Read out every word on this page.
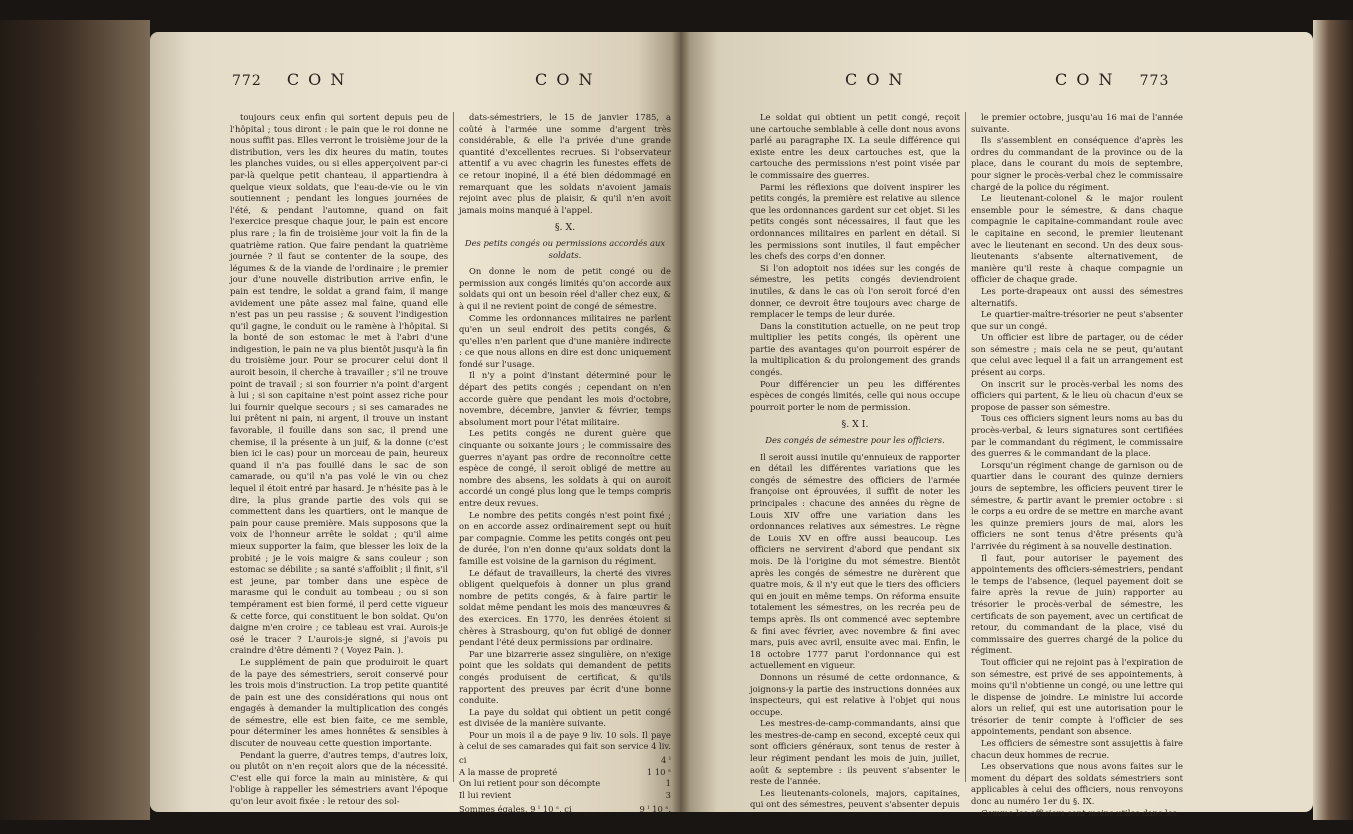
772 C O N	C O N

toujours ceux enfin qui sortent depuis peu de l'hôpital ; tous diront : le pain que le roi donne ne nous suffit pas. Elles verront le troisième jour de la distribution, vers les dix heures du matin, toutes les planches vuides, ou si elles apperçoivent par-ci par-là quelque petit chanteau, il appartiendra à quelque vieux soldats, que l'eau-de-vie ou le vin soutiennent ; pendant les longues journées de l'été, & pendant l'automne, quand on fait l'exercice presque chaque jour, le pain est encore plus rare ; la fin de troisième jour voit la fin de la quatrième ration. Que faire pendant la quatrième journée ? il faut se contenter de la soupe, des légumes & de la viande de l'ordinaire ; le premier jour d'une nouvelle distribution arrive enfin, le pain est tendre, le soldat a grand faim, il mange avidement une pâte assez mal faine, quand elle n'est pas un peu rassise ; & souvent l'indigestion qu'il gagne, le conduit ou le ramène à l'hôpital. Si la bonté de son estomac le met à l'abri d'une indigestion, le pain ne va plus bientôt jusqu'à la fin du troisième jour. Pour se procurer celui dont il auroit besoin, il cherche à travailler ; s'il ne trouve point de travail ; si son fourrier n'a point d'argent à lui ; si son capitaine n'est point assez riche pour lui fournir quelque secours ; si ses camarades ne lui prêtent ni pain, ni argent, il trouve un instant favorable, il fouille dans son sac, il prend une chemise, il la présente à un juif, & la donne (c'est bien ici le cas) pour un morceau de pain, heureux quand il n'a pas fouillé dans le sac de son camarade, ou qu'il n'a pas volé le vin ou chez lequel il étoit entré par hasard. Je n'hésite pas à le dire, la plus grande partie des vols qui se commettent dans les quartiers, ont le manque de pain pour cause première. Mais supposons que la voix de l'honneur arrête le soldat ; qu'il aime mieux supporter la faim, que blesser les loix de la probité ; je le vois maigre & sans couleur ; son estomac se débilite ; sa santé s'affoiblit ; il finit, s'il est jeune, par tomber dans une espèce de marasme qui le conduit au tombeau ; ou si son tempérament est bien formé, il perd cette vigueur & cette force, qui constituent le bon soldat. Qu'on daigne m'en croire ; ce tableau est vrai. Aurois-je osé le tracer ? L'aurois-je signé, si j'avois pu craindre d'être démenti ? ( Voyez Pain. ).

Le supplément de pain que produiroit le quart de la paye des sémestriers, seroit conservé pour les trois mois d'instruction. La trop petite quantité de pain est une des considérations qui nous ont engagés à demander la multiplication des congés de sémestre, elle est bien faite, ce me semble, pour déterminer les ames honnêtes & sensibles à discuter de nouveau cette question importante.

Pendant la guerre, d'autres temps, d'autres loix, ou plutôt on n'en reçoit alors que de la nécessité. C'est elle qui force la main au ministère, & qui l'oblige à rappeller les sémestriers avant l'époque qu'on leur avoit fixée : le retour des sol-

dats-sémestriers, le 15 de janvier 1785, a coûté à l'armée une somme d'argent très considérable, & elle l'a privée d'une grande quantité d'excellentes recrues. Si l'observateur attentif a vu avec chagrin les funestes effets de ce retour inopiné, il a été bien dédommagé en remarquant que les soldats n'avoient jamais rejoint avec plus de plaisir, & qu'il n'en avoit jamais moins manqué à l'appel.

§. X.

Des petits congés ou permissions accordés aux soldats.

On donne le nom de petit congé ou de permission aux congés limités qu'on accorde aux soldats qui ont un besoin réel d'aller chez eux, & à qui il ne revient point de congé de sémestre.

Comme les ordonnances militaires ne parlent qu'en un seul endroit des petits congés, & qu'elles n'en parlent que d'une manière indirecte : ce que nous allons en dire est donc uniquement fondé sur l'usage.

Il n'y a point d'instant déterminé pour le départ des petits congés ; cependant on n'en accorde guère que pendant les mois d'octobre, novembre, décembre, janvier & février, temps absolument mort pour l'état militaire.

Les petits congés ne durent guère que cinquante ou soixante jours ; le commissaire des guerres n'ayant pas ordre de reconnoître cette espèce de congé, il seroit obligé de mettre au nombre des absens, les soldats à qui on auroit accordé un congé plus long que le temps compris entre deux revues.

Le nombre des petits congés n'est point fixé ; on en accorde assez ordinairement sept ou huit par compagnie. Comme les petits congés ont peu de durée, l'on n'en donne qu'aux soldats dont la famille est voisine de la garnison du régiment.

Le défaut de travailleurs, la cherté des vivres obligent quelquefois à donner un plus grand nombre de petits congés, & à faire partir le soldat même pendant les mois des manœuvres & des exercices. En 1770, les denrées étoient si chères à Strasbourg, qu'on fut obligé de donner pendant l'été deux permissions par ordinaire.

Par une bizarrerie assez singulière, on n'exige point que les soldats qui demandent de petits congés produisent de certificat, & qu'ils rapportent des preuves par écrit d'une bonne conduite.

La paye du soldat qui obtient un petit congé est divisée de la manière suivante.

Pour un mois il a de paye 9 liv. 10 sols. Il paye à celui de ses camarades qui fait son service 4 liv.

ci	4 ˡ
A la masse de propreté	1 10 ˢ
On lui retient pour son décompte	1
Il lui revient	3
Sommes égales, 9 ˡ 10 ˢ, ci	9 ˡ 10 ˢ.
C O N	C O N 773

Le soldat qui obtient un petit congé, reçoit une cartouche semblable à celle dont nous avons parlé au paragraphe IX. La seule différence qui existe entre les deux cartouches est, que la cartouche des permissions n'est point visée par le commissaire des guerres.

Parmi les réflexions que doivent inspirer les petits congés, la première est relative au silence que les ordonnances gardent sur cet objet. Si les petits congés sont nécessaires, il faut que les ordonnances militaires en parlent en détail. Si les permissions sont inutiles, il faut empêcher les chefs des corps d'en donner.

Si l'on adoptoit nos idées sur les congés de sémestre, les petits congés deviendroient inutiles, & dans le cas où l'on seroit forcé d'en donner, ce devroit être toujours avec charge de remplacer le temps de leur durée.

Dans la constitution actuelle, on ne peut trop multiplier les petits congés, ils opèrent une partie des avantages qu'on pourroit espérer de la multiplication & du prolongement des grands congés.

Pour différencier un peu les différentes espèces de congés limités, celle qui nous occupe pourroit porter le nom de permission.

§. X I.

Des congés de sémestre pour les officiers.

Il seroit aussi inutile qu'ennuieux de rapporter en détail les différentes variations que les congés de sémestre des officiers de l'armée françoise ont éprouvées, il suffit de noter les principales : chacune des années du règne de Louis XIV offre une variation dans les ordonnances relatives aux sémestres. Le règne de Louis XV en offre aussi beaucoup. Les officiers ne servirent d'abord que pendant six mois. De là l'origine du mot sémestre. Bientôt après les congés de sémestre ne durèrent que quatre mois, & il n'y eut que le tiers des officiers qui en jouit en même temps. On réforma ensuite totalement les sémestres, on les recréa peu de temps après. Ils ont commencé avec septembre & fini avec février, avec novembre & fini avec mars, puis avec avril, ensuite avec mai. Enfin, le 18 octobre 1777 parut l'ordonnance qui est actuellement en vigueur.

Donnons un résumé de cette ordonnance, & joignons-y la partie des instructions données aux inspecteurs, qui est relative à l'objet qui nous occupe.

Les mestres-de-camp-commandants, ainsi que les mestres-de-camp en second, excepté ceux qui sont officiers généraux, sont tenus de rester à leur régiment pendant les mois de juin, juillet, août & septembre : ils peuvent s'absenter le reste de l'année.

Les lieutenants-colonels, majors, capitaines, qui ont des sémestres, peuvent s'absenter depuis

le premier octobre, jusqu'au 16 mai de l'année suivante.

Ils s'assemblent en conséquence d'après les ordres du commandant de la province ou de la place, dans le courant du mois de septembre, pour signer le procès-verbal chez le commissaire chargé de la police du régiment.

Le lieutenant-colonel & le major roulent ensemble pour le sémestre, & dans chaque compagnie le capitaine-commandant roule avec le capitaine en second, le premier lieutenant avec le lieutenant en second. Un des deux sous-lieutenants s'absente alternativement, de manière qu'il reste à chaque compagnie un officier de chaque grade.

Les porte-drapeaux ont aussi des sémestres alternatifs.

Le quartier-maître-trésorier ne peut s'absenter que sur un congé.

Un officier est libre de partager, ou de céder son sémestre ; mais cela ne se peut, qu'autant que celui avec lequel il a fait un arrangement est présent au corps.

On inscrit sur le procès-verbal les noms des officiers qui partent, & le lieu où chacun d'eux se propose de passer son sémestre.

Tous ces officiers signent leurs noms au bas du procès-verbal, & leurs signatures sont certifiées par le commandant du régiment, le commissaire des guerres & le commandant de la place.

Lorsqu'un régiment change de garnison ou de quartier dans le courant des quinze derniers jours de septembre, les officiers peuvent tirer le sémestre, & partir avant le premier octobre : si le corps a eu ordre de se mettre en marche avant les quinze premiers jours de mai, alors les officiers ne sont tenus d'être présents qu'à l'arrivée du régiment à sa nouvelle destination.

Il faut, pour autoriser le payement des appointements des officiers-sémestriers, pendant le temps de l'absence, (lequel payement doit se faire après la revue de juin) rapporter au trésorier le procès-verbal de sémestre, les certificats de son payement, avec un certificat de retour, du commandant de la place, visé du commissaire des guerres chargé de la police du régiment.

Tout officier qui ne rejoint pas à l'expiration de son sémestre, est privé de ses appointements, à moins qu'il n'obtienne un congé, ou une lettre qui le dispense de joindre. Le ministre lui accorde alors un relief, qui est une autorisation pour le trésorier de tenir compte à l'officier de ses appointements, pendant son absence.

Les officiers de sémestre sont assujettis à faire chacun deux hommes de recrue.

Les observations que nous avons faites sur le moment du départ des soldats sémestriers sont applicables à celui des officiers, nous renvoyons donc au numéro 1er du §. IX.

Comme les officiers sont moins utiles dans les
